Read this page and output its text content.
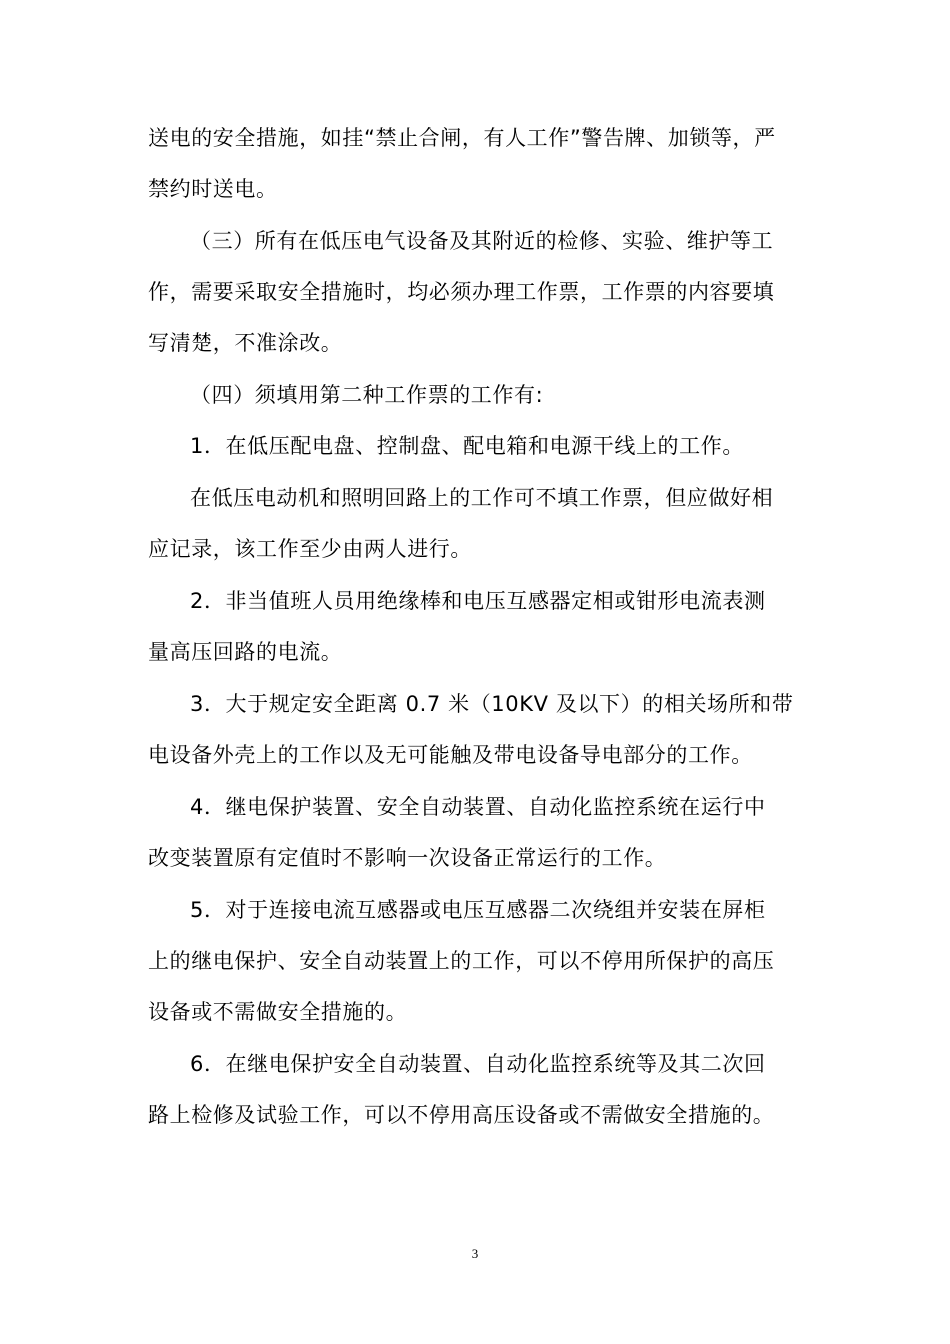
送电的安全措施，如挂“禁止合闸，有人工作”警告牌、加锁等，严
禁约时送电。
（三）所有在低压电气设备及其附近的检修、实验、维护等工
作，需要采取安全措施时，均必须办理工作票，工作票的内容要填
写清楚，不准涂改。
（四）须填用第二种工作票的工作有:
1．在低压配电盘、控制盘、配电箱和电源干线上的工作。
在低压电动机和照明回路上的工作可不填工作票，但应做好相
应记录，该工作至少由两人进行。
2．非当值班人员用绝缘棒和电压互感器定相或钳形电流表测
量高压回路的电流。
3．大于规定安全距离 0.7 米（10KV 及以下）的相关场所和带
电设备外壳上的工作以及无可能触及带电设备导电部分的工作。
4．继电保护装置、安全自动装置、自动化监控系统在运行中
改变装置原有定值时不影响一次设备正常运行的工作。
5．对于连接电流互感器或电压互感器二次绕组并安装在屏柜
上的继电保护、安全自动装置上的工作，可以不停用所保护的高压
设备或不需做安全措施的。
6．在继电保护安全自动装置、自动化监控系统等及其二次回
路上检修及试验工作，可以不停用高压设备或不需做安全措施的。
3
